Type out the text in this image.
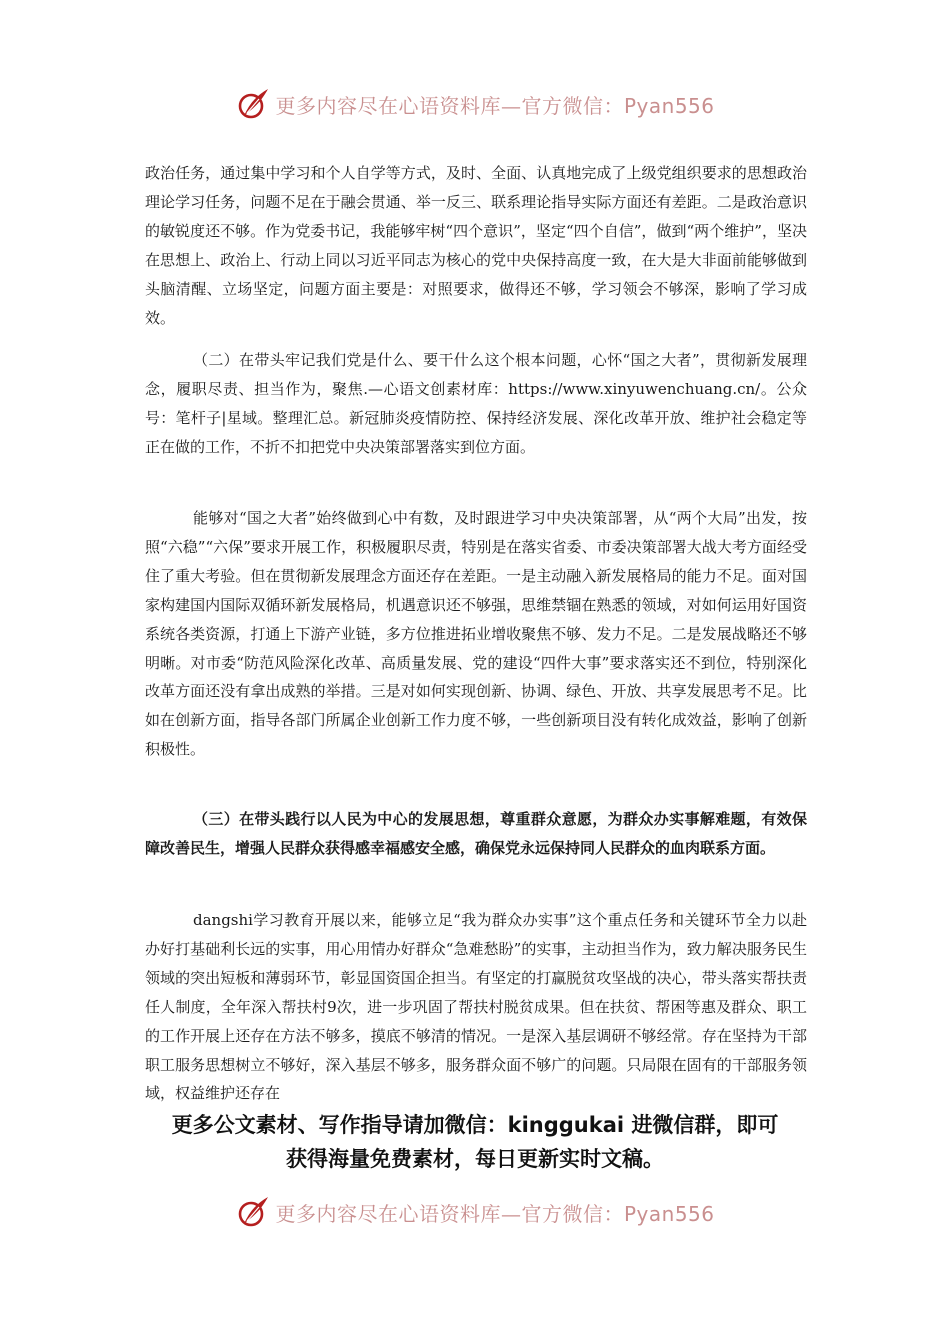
更多内容尽在心语资料库—官方微信：Pyan556

政治任务，通过集中学习和个人自学等方式，及时、全面、认真地完成了上级党组织要求的思想政治理论学习任务，问题不足在于融会贯通、举一反三、联系理论指导实际方面还有差距。二是政治意识的敏锐度还不够。作为党委书记，我能够牢树“四个意识”，坚定“四个自信”，做到“两个维护”，坚决在思想上、政治上、行动上同以习近平同志为核心的党中央保持高度一致，在大是大非面前能够做到头脑清醒、立场坚定，问题方面主要是：对照要求，做得还不够，学习领会不够深，影响了学习成效。

（二）在带头牢记我们党是什么、要干什么这个根本问题，心怀“国之大者”，贯彻新发展理念，履职尽责、担当作为，聚焦.—心语文创素材库：https://www.xinyuwenchuang.cn/。公众号：笔杆子|星域。整理汇总。新冠肺炎疫情防控、保持经济发展、深化改革开放、维护社会稳定等正在做的工作，不折不扣把党中央决策部署落实到位方面。

能够对“国之大者”始终做到心中有数，及时跟进学习中央决策部署，从“两个大局”出发，按照“六稳”“六保”要求开展工作，积极履职尽责，特别是在落实省委、市委决策部署大战大考方面经受住了重大考验。但在贯彻新发展理念方面还存在差距。一是主动融入新发展格局的能力不足。面对国家构建国内国际双循环新发展格局，机遇意识还不够强，思维禁锢在熟悉的领域，对如何运用好国资系统各类资源，打通上下游产业链，多方位推进拓业增收聚焦不够、发力不足。二是发展战略还不够明晰。对市委“防范风险深化改革、高质量发展、党的建设“四件大事”要求落实还不到位，特别深化改革方面还没有拿出成熟的举措。三是对如何实现创新、协调、绿色、开放、共享发展思考不足。比如在创新方面，指导各部门所属企业创新工作力度不够，一些创新项目没有转化成效益，影响了创新积极性。

（三）在带头践行以人民为中心的发展思想，尊重群众意愿，为群众办实事解难题，有效保障改善民生，增强人民群众获得感幸福感安全感，确保党永远保持同人民群众的血肉联系方面。

dangshi学习教育开展以来，能够立足“我为群众办实事”这个重点任务和关键环节全力以赴办好打基础利长远的实事，用心用情办好群众“急难愁盼”的实事，主动担当作为，致力解决服务民生领域的突出短板和薄弱环节，彰显国资国企担当。有坚定的打赢脱贫攻坚战的决心，带头落实帮扶责任人制度，全年深入帮扶村9次，进一步巩固了帮扶村脱贫成果。但在扶贫、帮困等惠及群众、职工的工作开展上还存在方法不够多，摸底不够清的情况。一是深入基层调研不够经常。存在坚持为干部职工服务思想树立不够好，深入基层不够多，服务群众面不够广的问题。只局限在固有的干部服务领域，权益维护还存在

更多公文素材、写作指导请加微信：kinggukai 进微信群，即可
获得海量免费素材，每日更新实时文稿。
更多内容尽在心语资料库—官方微信：Pyan556
